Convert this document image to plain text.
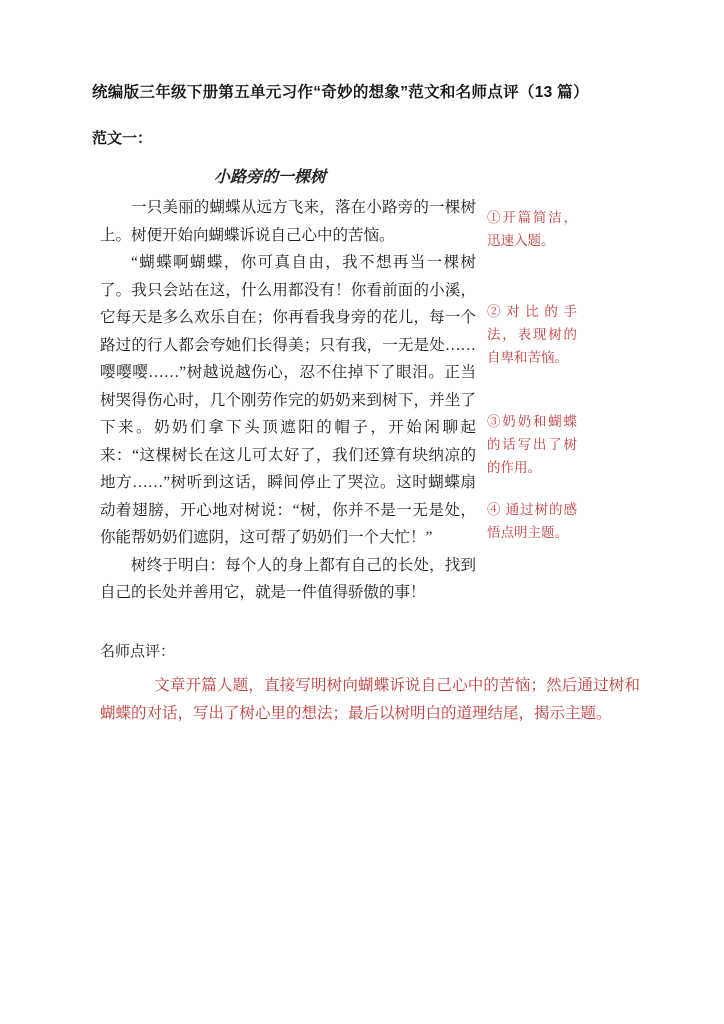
统编版三年级下册第五单元习作“奇妙的想象”范文和名师点评（13 篇）
范文一：
小路旁的一棵树

一只美丽的蝴蝶从远方飞来，落在小路旁的一棵树上。树便开始向蝴蝶诉说自己心中的苦恼。

“蝴蝶啊蝴蝶，你可真自由，我不想再当一棵树了。我只会站在这，什么用都没有！你看前面的小溪，它每天是多么欢乐自在；你再看我身旁的花儿，每一个路过的行人都会夸她们长得美；只有我，一无是处……嘤嘤嘤……”树越说越伤心，忍不住掉下了眼泪。正当树哭得伤心时，几个刚劳作完的奶奶来到树下，并坐了下来。奶奶们拿下头顶遮阳的帽子，开始闲聊起来：“这棵树长在这儿可太好了，我们还算有块纳凉的地方……”树听到这话，瞬间停止了哭泣。这时蝴蝶扇动着翅膀，开心地对树说：“树，你并不是一无是处，你能帮奶奶们遮阴，这可帮了奶奶们一个大忙！”

树终于明白：每个人的身上都有自己的长处，找到自己的长处并善用它，就是一件值得骄傲的事！

①开篇简洁，迅速入题。
②对比的手法，表现树的自卑和苦恼。
③奶奶和蝴蝶的话写出了树的作用。
④ 通过树的感悟点明主题。
名师点评：
文章开篇人题，直接写明树向蝴蝶诉说自己心中的苦恼；然后通过树和蝴蝶的对话，写出了树心里的想法；最后以树明白的道理结尾，揭示主题。
